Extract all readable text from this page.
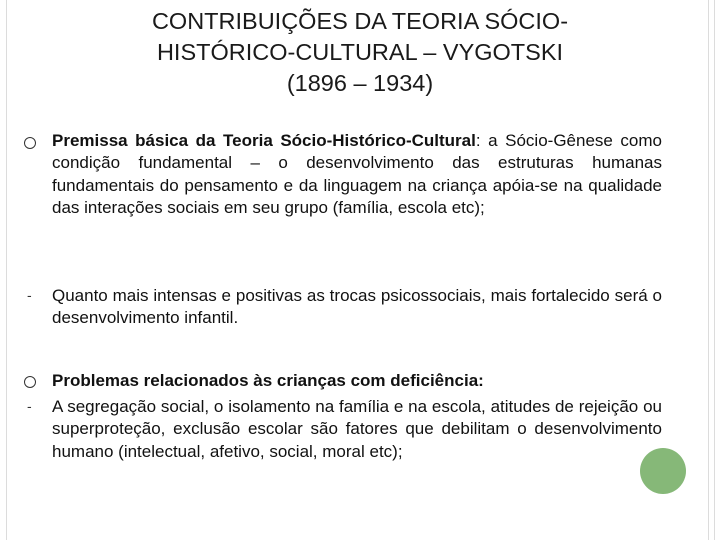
CONTRIBUIÇÕES DA TEORIA SÓCIO-
HISTÓRICO-CULTURAL – VYGOTSKI
(1896 – 1934)

Premissa básica da Teoria Sócio-Histórico-Cultural: a Sócio-Gênese como condição fundamental – o desenvolvimento das estruturas humanas fundamentais do pensamento e da linguagem na criança apóia-se na qualidade das interações sociais em seu grupo (família, escola etc);

- Quanto mais intensas e positivas as trocas psicossociais, mais fortalecido será o desenvolvimento infantil.

Problemas relacionados às crianças com deficiência:

- A segregação social, o isolamento na família e na escola, atitudes de rejeição ou superproteção, exclusão escolar são fatores que debilitam o desenvolvimento humano (intelectual, afetivo, social, moral etc);
